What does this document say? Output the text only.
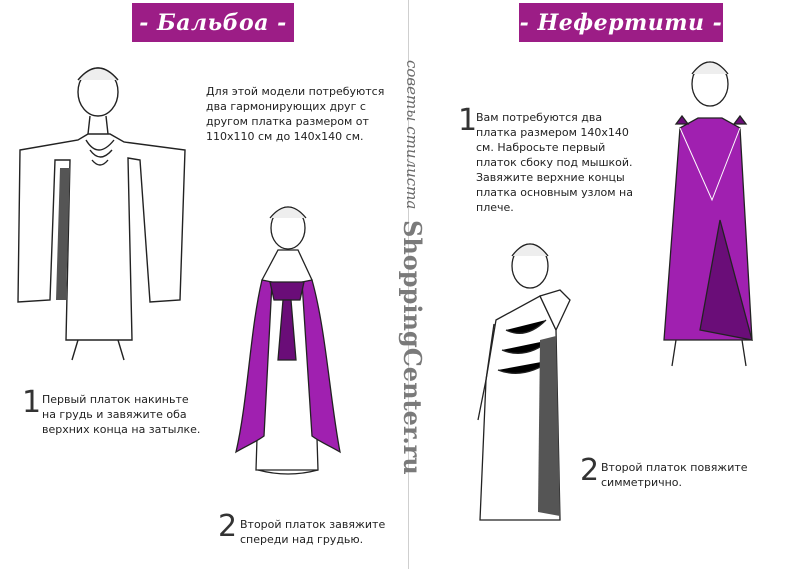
- Бальбоа -	- Нефертити -
советы стилиста ShoppingCenter.ru
Для этой модели потребуются два гармонирующих друг с другом платка размером от 110х110 см до 140х140 см.
1 Первый платок накиньте на грудь и завяжите оба верхних конца на затылке.
2 Второй платок завяжите спереди над грудью.
1
Вам потребуются два платка размером 140х140 см. Набросьте первый платок сбоку под мышкой. Завяжите верхние концы платка основным узлом на плече.
2 Второй платок повяжите симметрично.
